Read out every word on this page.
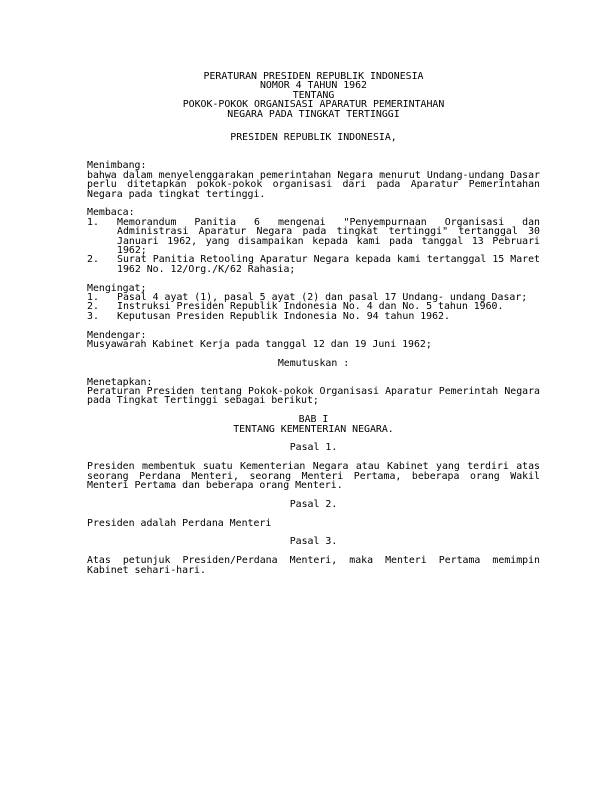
PERATURAN PRESIDEN REPUBLIK INDONESIA
NOMOR 4 TAHUN 1962
TENTANG
POKOK-POKOK ORGANISASI APARATUR PEMERINTAHAN
NEGARA PADA TINGKAT TERTINGGI
PRESIDEN REPUBLIK INDONESIA,
Menimbang:
bahwa dalam menyelenggarakan pemerintahan Negara menurut Undang-undang Dasar perlu ditetapkan pokok-pokok organisasi dari pada Aparatur Pemerintahan Negara pada tingkat tertinggi.
Membaca:
1.	Memorandum Panitia 6 mengenai "Penyempurnaan Organisasi dan Administrasi Aparatur Negara pada tingkat tertinggi" tertanggal 30 Januari 1962, yang disampaikan kepada kami pada tanggal 13 Pebruari 1962;
2.	Surat Panitia Retooling Aparatur Negara kepada kami tertanggal 15 Maret 1962 No. 12/Org./K/62 Rahasia;
Mengingat;
1.	Pasal 4 ayat (1), pasal 5 ayat (2) dan pasal 17 Undang- undang Dasar;
2.	Instruksi Presiden Republik Indonesia No. 4 dan No. 5 tahun 1960.
3.	Keputusan Presiden Republik Indonesia No. 94 tahun 1962.
Mendengar:
Musyawarah Kabinet Kerja pada tanggal 12 dan 19 Juni 1962;
Memutuskan :
Menetapkan:
Peraturan Presiden tentang Pokok-pokok Organisasi Aparatur Pemerintah Negara pada Tingkat Tertinggi sebagai berikut;
BAB I
TENTANG KEMENTERIAN NEGARA.
Pasal 1.
Presiden membentuk suatu Kementerian Negara atau Kabinet yang terdiri atas seorang Perdana Menteri, seorang Menteri Pertama, beberapa orang Wakil Menteri Pertama dan beberapa orang Menteri.
Pasal 2.
Presiden adalah Perdana Menteri
Pasal 3.
Atas petunjuk Presiden/Perdana Menteri, maka Menteri Pertama memimpin Kabinet sehari-hari.
